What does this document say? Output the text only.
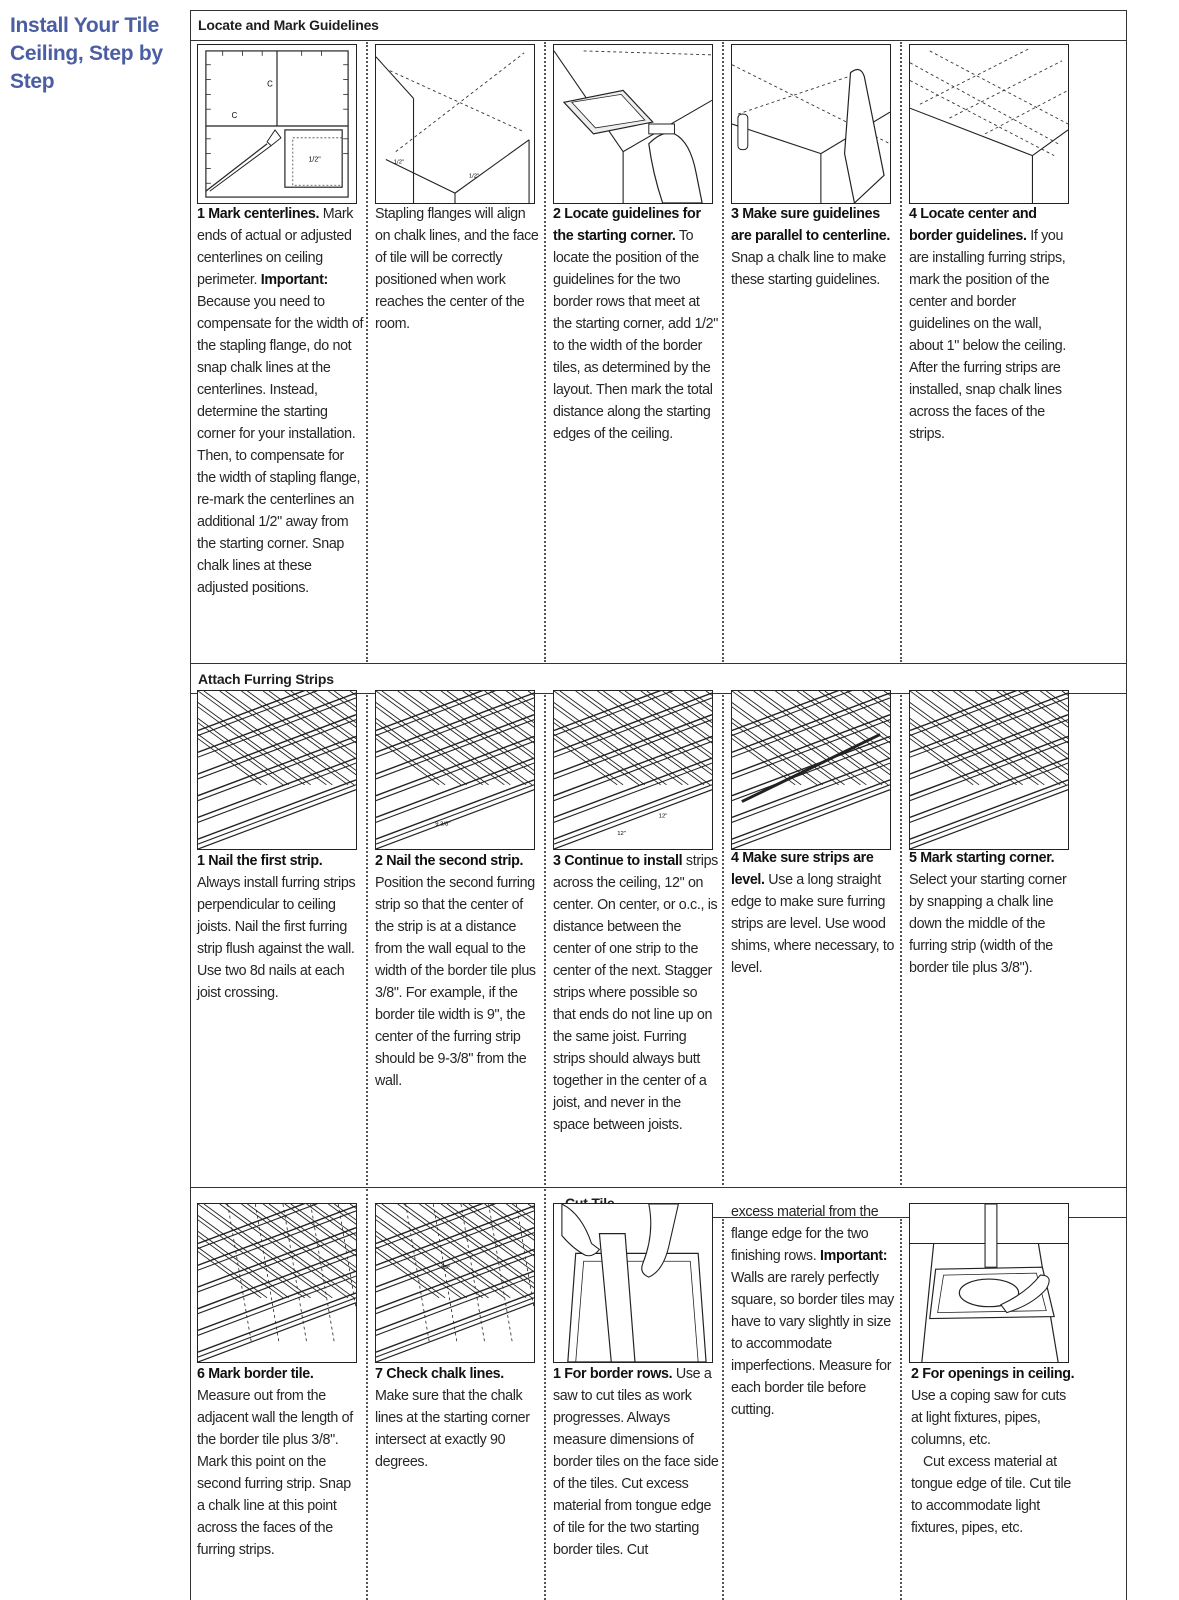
Install Your Tile Ceiling, Step by Step
Locate and Mark Guidelines
Attach Furring Strips
C
C
1/2"	1/2"
1/2"
1 Mark centerlines. Mark ends of actual or adjusted centerlines on ceiling perimeter. Important: Because you need to compensate for the width of the stapling flange, do not snap chalk lines at the centerlines. Instead, determine the starting corner for your installation. Then, to compensate for the width of stapling flange, re-mark the centerlines an additional 1/2" away from the starting corner. Snap chalk lines at these adjusted positions.
Stapling flanges will align on chalk lines, and the face of tile will be correctly positioned when work reaches the center of the room.
2 Locate guidelines for the starting corner. To locate the position of the guidelines for the two border rows that meet at the starting corner, add 1/2" to the width of the border tiles, as determined by the layout. Then mark the total distance along the starting edges of the ceiling.
3 Make sure guidelines are parallel to centerline. Snap a chalk line to make these starting guidelines.
4 Locate center and border guidelines. If you are installing furring strips, mark the position of the center and border guidelines on the wall, about 1" below the ceiling. After the furring strips are installed, snap chalk lines across the faces of the strips.
9 3/8"
12"
12"
1 Nail the first strip. Always install furring strips perpendicular to ceiling joists. Nail the first furring strip flush against the wall. Use two 8d nails at each joist crossing.
2 Nail the second strip. Position the second furring strip so that the center of the strip is at a distance from the wall equal to the width of the border tile plus 3/8". For example, if the border tile width is 9", the center of the furring strip should be 9-3/8" from the wall.
3 Continue to install strips across the ceiling, 12" on center. On center, or o.c., is distance between the center of one strip to the center of the next. Stagger strips where possible so that ends do not line up on the same joist. Furring strips should always butt together in the center of a joist, and never in the space between joists.
4 Make sure strips are level. Use a long straight edge to make sure furring strips are level. Use wood shims, where necessary, to level.
5 Mark starting corner. Select your starting corner by snapping a chalk line down the middle of the furring strip (width of the border tile plus 3/8").
90°
6 Mark border tile. Measure out from the adjacent wall the length of the border tile plus 3/8". Mark this point on the second furring strip. Snap a chalk line at this point across the faces of the furring strips.
7 Check chalk lines. Make sure that the chalk lines at the starting corner intersect at exactly 90 degrees.
1 For border rows. Use a saw to cut tiles as work progresses. Always measure dimensions of border tiles on the face side of the tiles. Cut excess material from tongue edge of tile for the two starting border tiles. Cut
excess material from the flange edge for the two finishing rows. Important: Walls are rarely perfectly square, so border tiles may have to vary slightly in size to accommodate imperfections. Measure for each border tile before cutting.
2 For openings in ceiling. Use a coping saw for cuts at light fixtures, pipes, columns, etc.
Cut excess material at tongue edge of tile. Cut tile to accommodate light fixtures, pipes, etc.
